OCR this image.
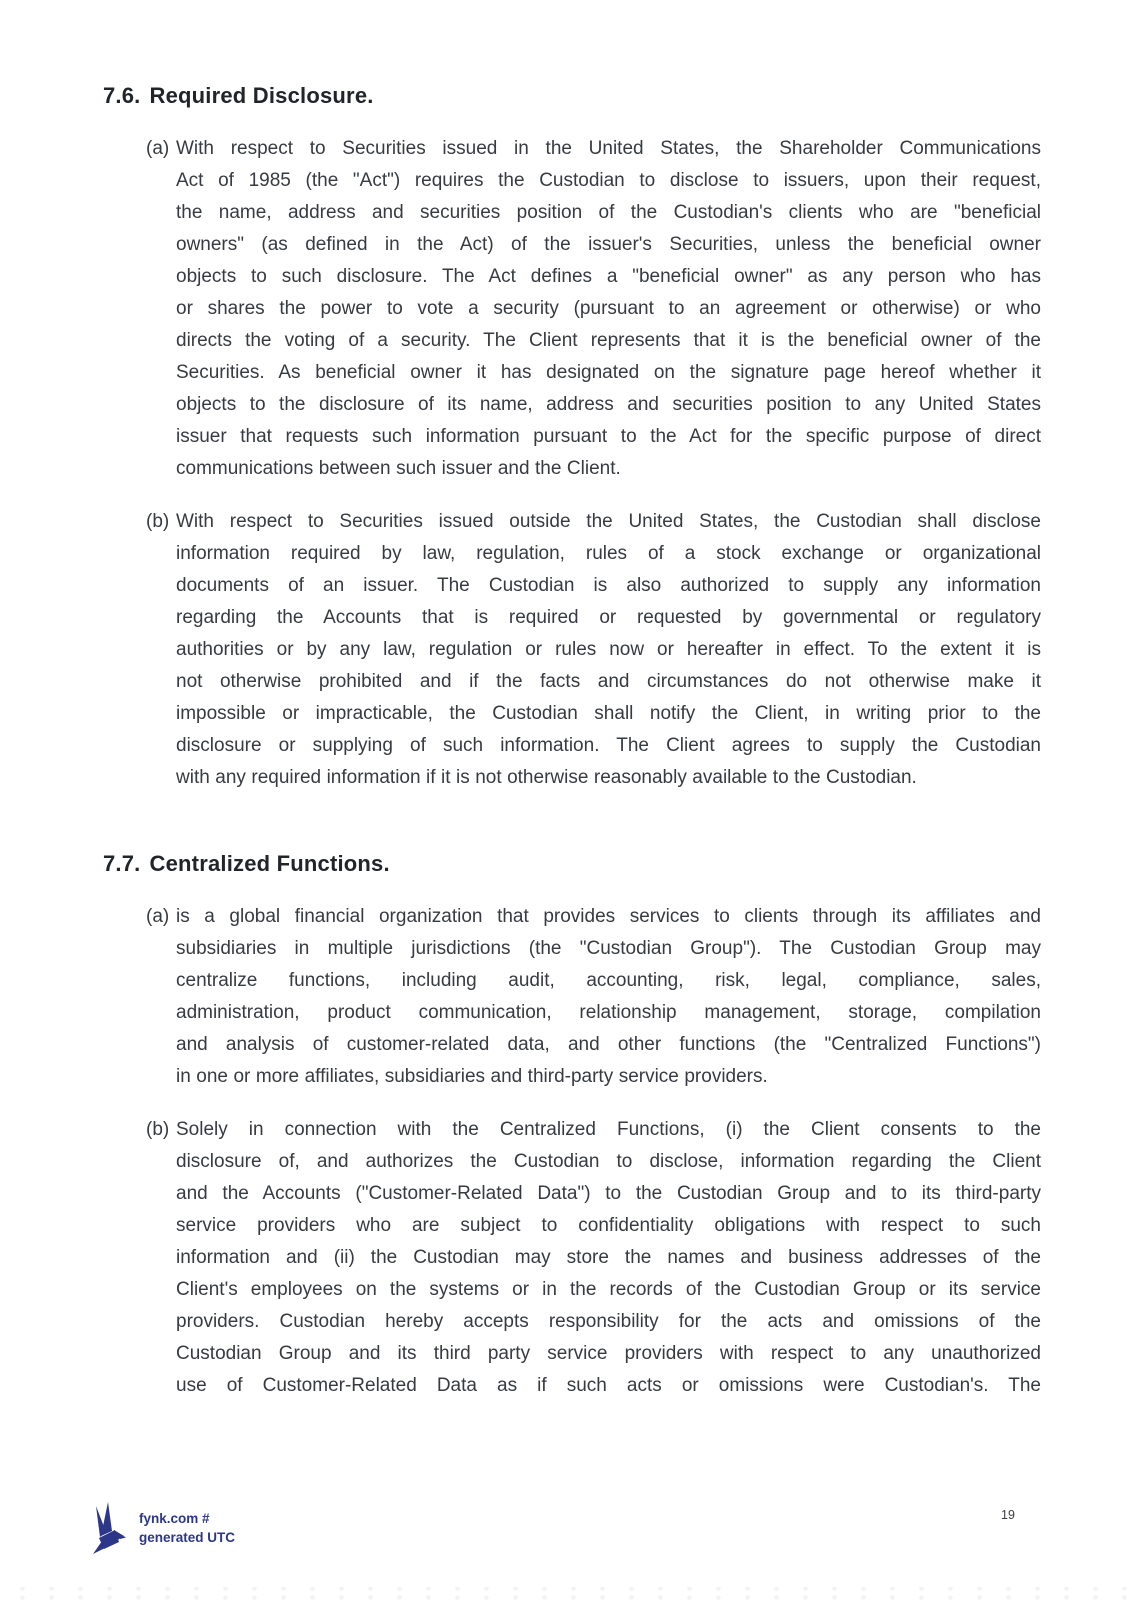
7.6. Required Disclosure.
(a) With respect to Securities issued in the United States, the Shareholder Communications
Act of 1985 (the "Act") requires the Custodian to disclose to issuers, upon their request,
the name, address and securities position of the Custodian's clients who are "beneficial
owners" (as defined in the Act) of the issuer's Securities, unless the beneficial owner
objects to such disclosure. The Act defines a "beneficial owner" as any person who has
or shares the power to vote a security (pursuant to an agreement or otherwise) or who
directs the voting of a security. The Client represents that it is the beneficial owner of the
Securities. As beneficial owner it has designated on the signature page hereof whether it
objects to the disclosure of its name, address and securities position to any United States
issuer that requests such information pursuant to the Act for the specific purpose of direct
communications between such issuer and the Client.
(b) With respect to Securities issued outside the United States, the Custodian shall disclose
information required by law, regulation, rules of a stock exchange or organizational
documents of an issuer. The Custodian is also authorized to supply any information
regarding the Accounts that is required or requested by governmental or regulatory
authorities or by any law, regulation or rules now or hereafter in effect. To the extent it is
not otherwise prohibited and if the facts and circumstances do not otherwise make it
impossible or impracticable, the Custodian shall notify the Client, in writing prior to the
disclosure or supplying of such information. The Client agrees to supply the Custodian
with any required information if it is not otherwise reasonably available to the Custodian.
7.7. Centralized Functions.
(a) is a global financial organization that provides services to clients through its affiliates and
subsidiaries in multiple jurisdictions (the "Custodian Group"). The Custodian Group may
centralize functions, including audit, accounting, risk, legal, compliance, sales,
administration, product communication, relationship management, storage, compilation
and analysis of customer-related data, and other functions (the "Centralized Functions")
in one or more affiliates, subsidiaries and third-party service providers.
(b) Solely in connection with the Centralized Functions, (i) the Client consents to the
disclosure of, and authorizes the Custodian to disclose, information regarding the Client
and the Accounts ("Customer-Related Data") to the Custodian Group and to its third-party
service providers who are subject to confidentiality obligations with respect to such
information and (ii) the Custodian may store the names and business addresses of the
Client's employees on the systems or in the records of the Custodian Group or its service
providers. Custodian hereby accepts responsibility for the acts and omissions of the
Custodian Group and its third party service providers with respect to any unauthorized
use of Customer-Related Data as if such acts or omissions were Custodian's. The
fynk.com #
generated UTC
19
